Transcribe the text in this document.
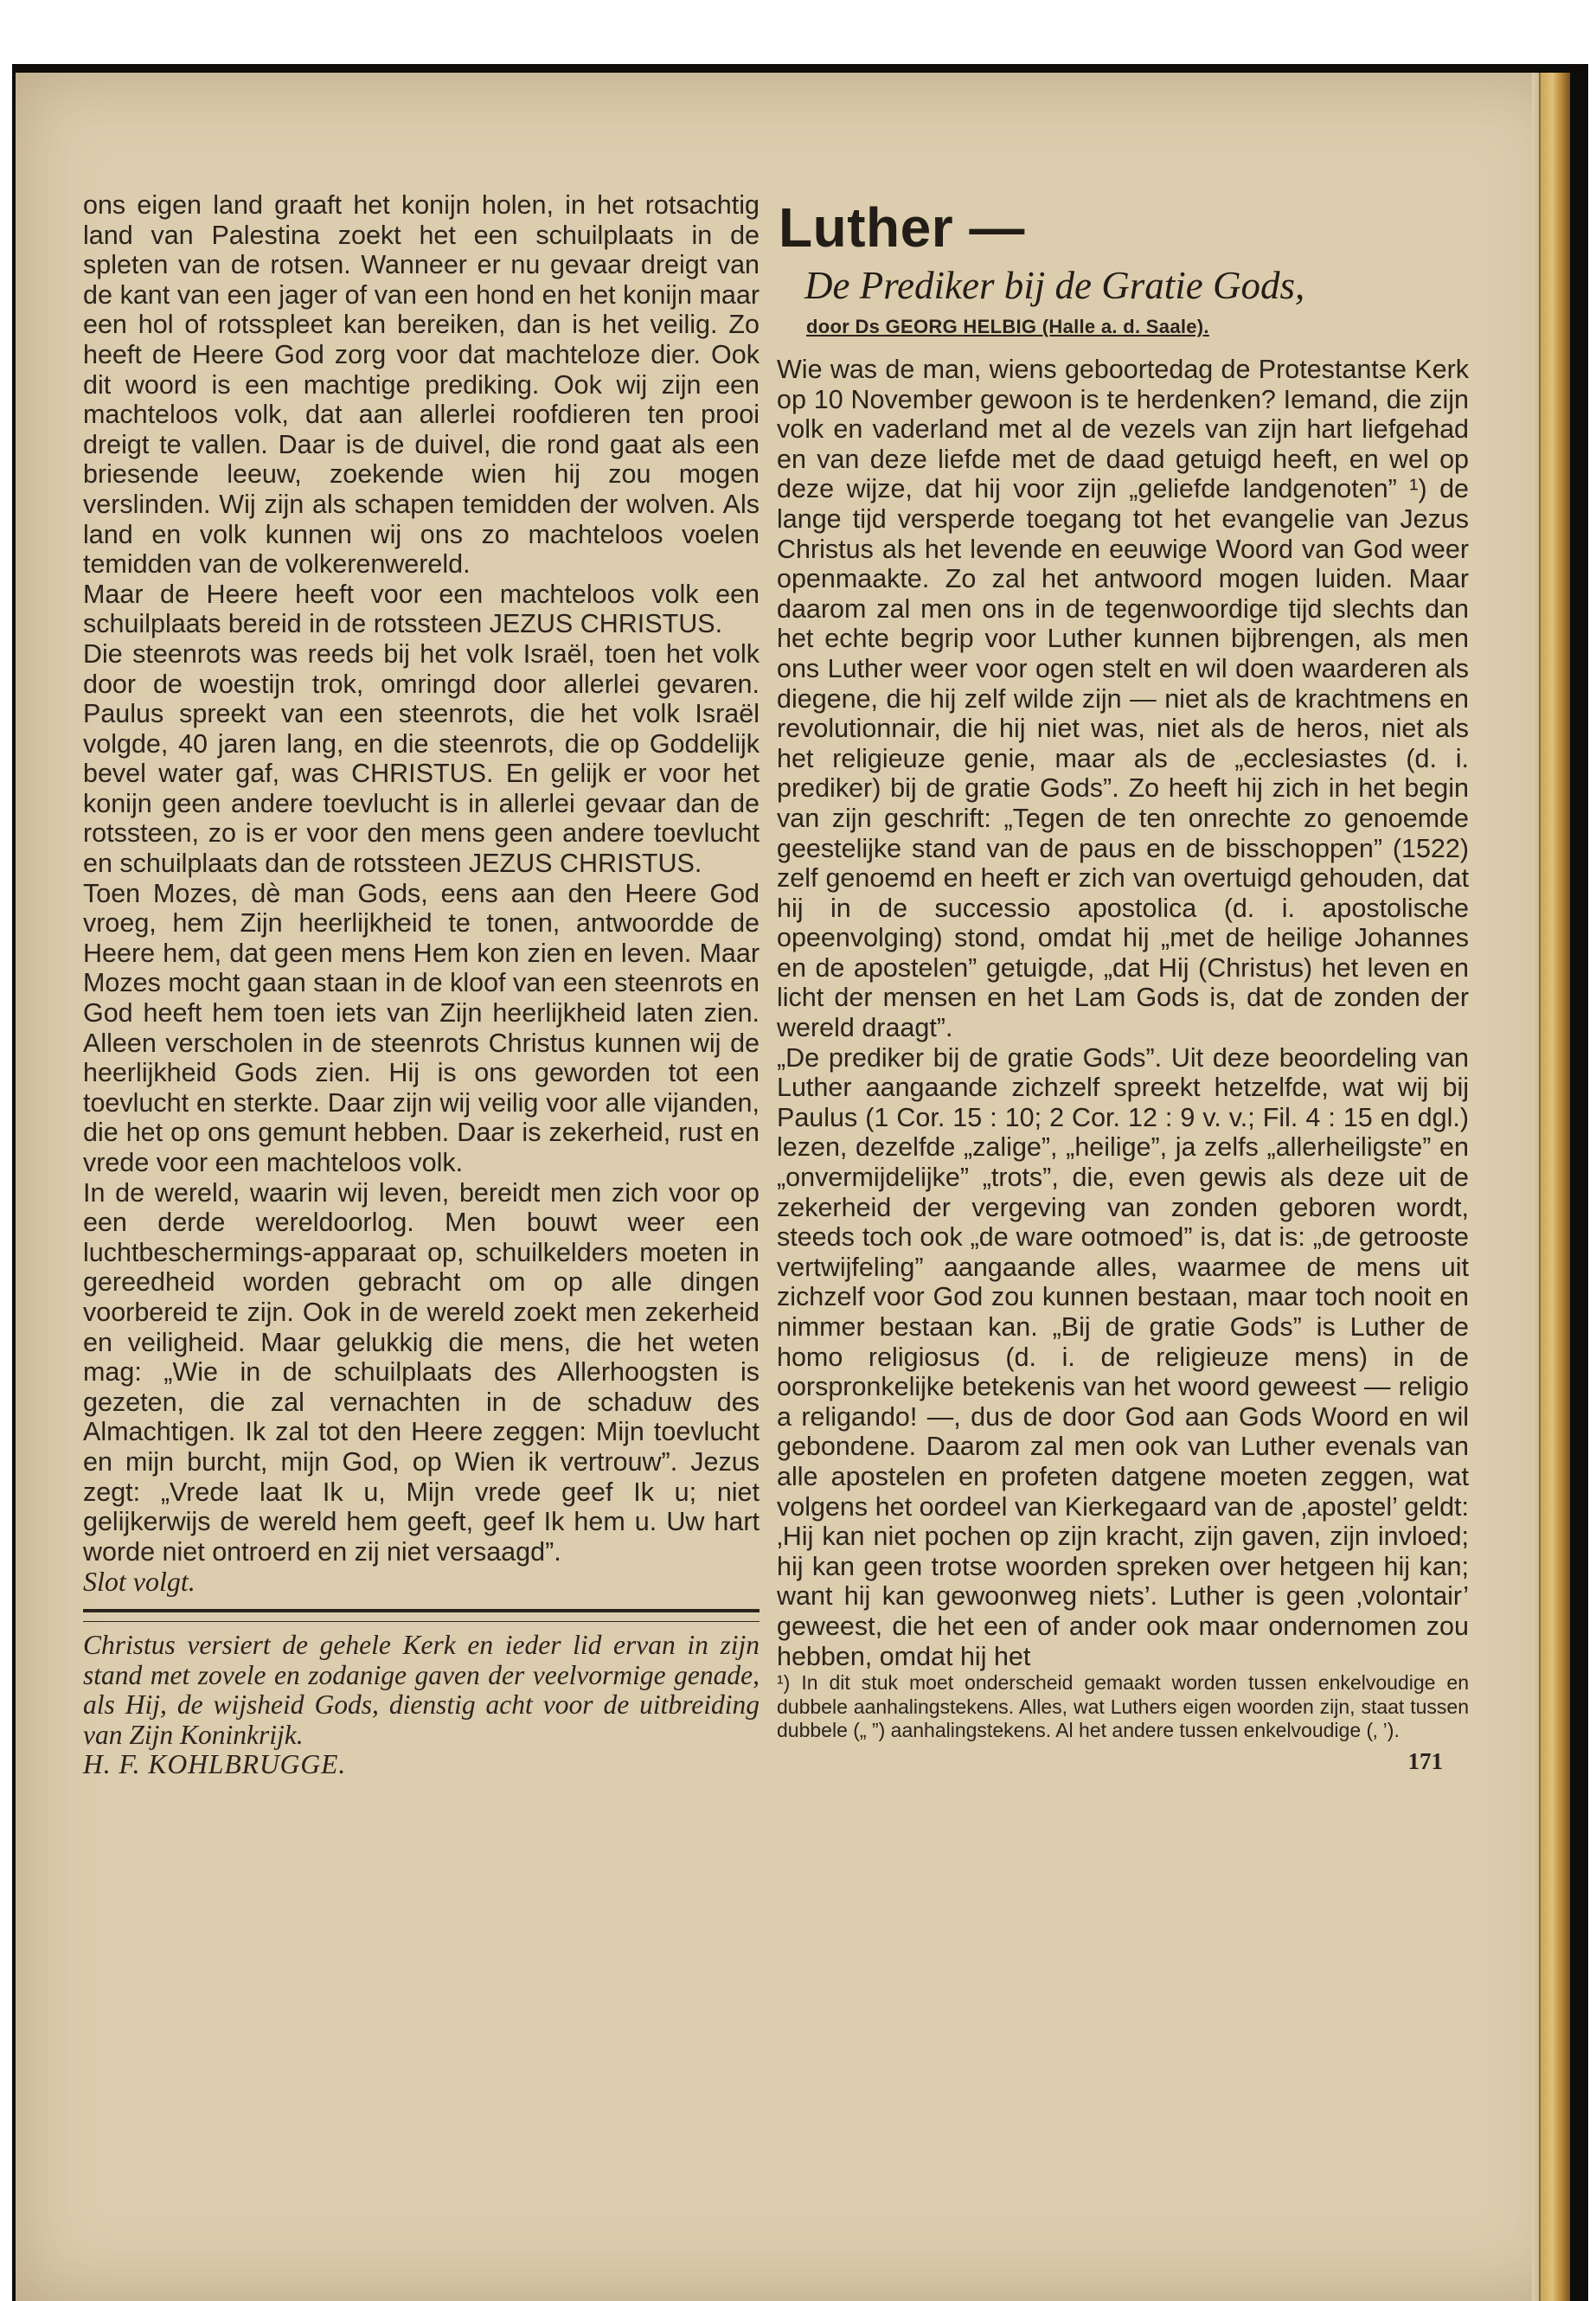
ons eigen land graaft het konijn holen, in het rotsachtig land van Palestina zoekt het een schuilplaats in de spleten van de rotsen. Wanneer er nu gevaar dreigt van de kant van een jager of van een hond en het konijn maar een hol of rotsspleet kan bereiken, dan is het veilig. Zo heeft de Heere God zorg voor dat machteloze dier. Ook dit woord is een machtige prediking. Ook wij zijn een machteloos volk, dat aan allerlei roofdieren ten prooi dreigt te vallen. Daar is de duivel, die rond gaat als een briesende leeuw, zoekende wien hij zou mogen verslinden. Wij zijn als schapen temidden der wolven. Als land en volk kunnen wij ons zo machteloos voelen temidden van de volkerenwereld.

Maar de Heere heeft voor een machteloos volk een schuilplaats bereid in de rotssteen JEZUS CHRISTUS.

Die steenrots was reeds bij het volk Israël, toen het volk door de woestijn trok, omringd door allerlei gevaren. Paulus spreekt van een steenrots, die het volk Israël volgde, 40 jaren lang, en die steenrots, die op Goddelijk bevel water gaf, was CHRISTUS. En gelijk er voor het konijn geen andere toevlucht is in allerlei gevaar dan de rotssteen, zo is er voor den mens geen andere toevlucht en schuilplaats dan de rotssteen JEZUS CHRISTUS.

Toen Mozes, dè man Gods, eens aan den Heere God vroeg, hem Zijn heerlijkheid te tonen, antwoordde de Heere hem, dat geen mens Hem kon zien en leven. Maar Mozes mocht gaan staan in de kloof van een steenrots en God heeft hem toen iets van Zijn heerlijkheid laten zien. Alleen verscholen in de steenrots Christus kunnen wij de heerlijkheid Gods zien. Hij is ons geworden tot een toevlucht en sterkte. Daar zijn wij veilig voor alle vijanden, die het op ons gemunt hebben. Daar is zekerheid, rust en vrede voor een machteloos volk.

In de wereld, waarin wij leven, bereidt men zich voor op een derde wereldoorlog. Men bouwt weer een luchtbeschermings-apparaat op, schuilkelders moeten in gereedheid worden gebracht om op alle dingen voorbereid te zijn. Ook in de wereld zoekt men zekerheid en veiligheid. Maar gelukkig die mens, die het weten mag: „Wie in de schuilplaats des Allerhoogsten is gezeten, die zal vernachten in de schaduw des Almachtigen. Ik zal tot den Heere zeggen: Mijn toevlucht en mijn burcht, mijn God, op Wien ik vertrouw”. Jezus zegt: „Vrede laat Ik u, Mijn vrede geef Ik u; niet gelijkerwijs de wereld hem geeft, geef Ik hem u. Uw hart worde niet ontroerd en zij niet versaagd”.

Slot volgt.

Christus versiert de gehele Kerk en ieder lid ervan in zijn stand met zovele en zodanige gaven der veelvormige genade, als Hij, de wijsheid Gods, dienstig acht voor de uitbreiding van Zijn Koninkrijk.

H. F. KOHLBRUGGE.

Luther —
De Prediker bij de Gratie Gods,
door Ds GEORG HELBIG (Halle a. d. Saale).

Wie was de man, wiens geboortedag de Protestantse Kerk op 10 November gewoon is te herdenken? Iemand, die zijn volk en vaderland met al de vezels van zijn hart liefgehad en van deze liefde met de daad getuigd heeft, en wel op deze wijze, dat hij voor zijn „geliefde landgenoten” ¹) de lange tijd versperde toegang tot het evangelie van Jezus Christus als het levende en eeuwige Woord van God weer openmaakte. Zo zal het antwoord mogen luiden. Maar daarom zal men ons in de tegenwoordige tijd slechts dan het echte begrip voor Luther kunnen bijbrengen, als men ons Luther weer voor ogen stelt en wil doen waarderen als diegene, die hij zelf wilde zijn — niet als de krachtmens en revolutionnair, die hij niet was, niet als de heros, niet als het religieuze genie, maar als de „ecclesiastes (d. i. prediker) bij de gratie Gods”. Zo heeft hij zich in het begin van zijn geschrift: „Tegen de ten onrechte zo genoemde geestelijke stand van de paus en de bisschoppen” (1522) zelf genoemd en heeft er zich van overtuigd gehouden, dat hij in de successio apostolica (d. i. apostolische opeenvolging) stond, omdat hij „met de heilige Johannes en de apostelen” getuigde, „dat Hij (Christus) het leven en licht der mensen en het Lam Gods is, dat de zonden der wereld draagt”.

„De prediker bij de gratie Gods”. Uit deze beoordeling van Luther aangaande zichzelf spreekt hetzelfde, wat wij bij Paulus (1 Cor. 15 : 10; 2 Cor. 12 : 9 v. v.; Fil. 4 : 15 en dgl.) lezen, dezelfde „zalige”, „heilige”, ja zelfs „allerheiligste” en „onvermijdelijke” „trots”, die, even gewis als deze uit de zekerheid der vergeving van zonden geboren wordt, steeds toch ook „de ware ootmoed” is, dat is: „de getrooste vertwijfeling” aangaande alles, waarmee de mens uit zichzelf voor God zou kunnen bestaan, maar toch nooit en nimmer bestaan kan. „Bij de gratie Gods” is Luther de homo religiosus (d. i. de religieuze mens) in de oorspronkelijke betekenis van het woord geweest — religio a religando! —, dus de door God aan Gods Woord en wil gebondene. Daarom zal men ook van Luther evenals van alle apostelen en profeten datgene moeten zeggen, wat volgens het oordeel van Kierkegaard van de ‚apostel’ geldt: ‚Hij kan niet pochen op zijn kracht, zijn gaven, zijn invloed; hij kan geen trotse woorden spreken over hetgeen hij kan; want hij kan gewoonweg niets’. Luther is geen ‚volontair’ geweest, die het een of ander ook maar ondernomen zou hebben, omdat hij het

¹) In dit stuk moet onderscheid gemaakt worden tussen enkelvoudige en dubbele aanhalingstekens. Alles, wat Luthers eigen woorden zijn, staat tussen dubbele („ ”) aanhalingstekens. Al het andere tussen enkelvoudige (‚ ’).

171
